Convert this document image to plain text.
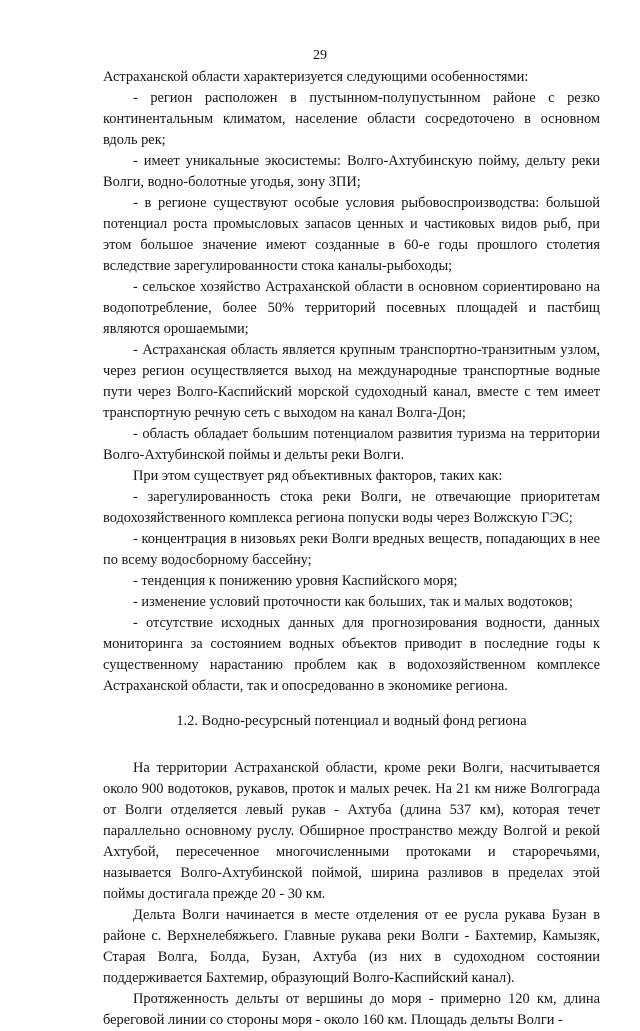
29

Астраханской области характеризуется следующими особенностями:

- регион расположен в пустынном-полупустынном районе с резко континентальным климатом, население области сосредоточено в основном вдоль рек;

- имеет уникальные экосистемы: Волго-Ахтубинскую пойму, дельту реки Волги, водно-болотные угодья, зону ЗПИ;

- в регионе существуют особые условия рыбовоспроизводства: большой потенциал роста промысловых запасов ценных и частиковых видов рыб, при этом большое значение имеют созданные в 60-е годы прошлого столетия вследствие зарегулированности стока каналы-рыбоходы;

- сельское хозяйство Астраханской области в основном сориентировано на водопотребление, более 50% территорий посевных площадей и пастбищ являются орошаемыми;

- Астраханская область является крупным транспортно-транзитным узлом, через регион осуществляется выход на международные транспортные водные пути через Волго-Каспийский морской судоходный канал, вместе с тем имеет транспортную речную сеть с выходом на канал Волга-Дон;

- область обладает большим потенциалом развития туризма на территории Волго-Ахтубинской поймы и дельты реки Волги.

При этом существует ряд объективных факторов, таких как:

- зарегулированность стока реки Волги, не отвечающие приоритетам водохозяйственного комплекса региона попуски воды через Волжскую ГЭС;

- концентрация в низовьях реки Волги вредных веществ, попадающих в нее по всему водосборному бассейну;

- тенденция к понижению уровня Каспийского моря;

- изменение условий проточности как больших, так и малых водотоков;

- отсутствие исходных данных для прогнозирования водности, данных мониторинга за состоянием водных объектов приводит в последние годы к существенному нарастанию проблем как в водохозяйственном комплексе Астраханской области, так и опосредованно в экономике региона.

1.2. Водно-ресурсный потенциал и водный фонд региона

На территории Астраханской области, кроме реки Волги, насчитывается около 900 водотоков, рукавов, проток и малых речек. На 21 км ниже Волгограда от Волги отделяется левый рукав - Ахтуба (длина 537 км), которая течет параллельно основному руслу. Обширное пространство между Волгой и рекой Ахтубой, пересеченное многочисленными протоками и староречьями, называется Волго-Ахтубинской поймой, ширина разливов в пределах этой поймы достигала прежде 20 - 30 км.

Дельта Волги начинается в месте отделения от ее русла рукава Бузан в районе с. Верхнелебяжьего. Главные рукава реки Волги - Бахтемир, Камызяк, Старая Волга, Болда, Бузан, Ахтуба (из них в судоходном состоянии поддерживается Бахтемир, образующий Волго-Каспийский канал).

Протяженность дельты от вершины до моря - примерно 120 км, длина береговой линии со стороны моря - около 160 км. Площадь дельты Волги -
